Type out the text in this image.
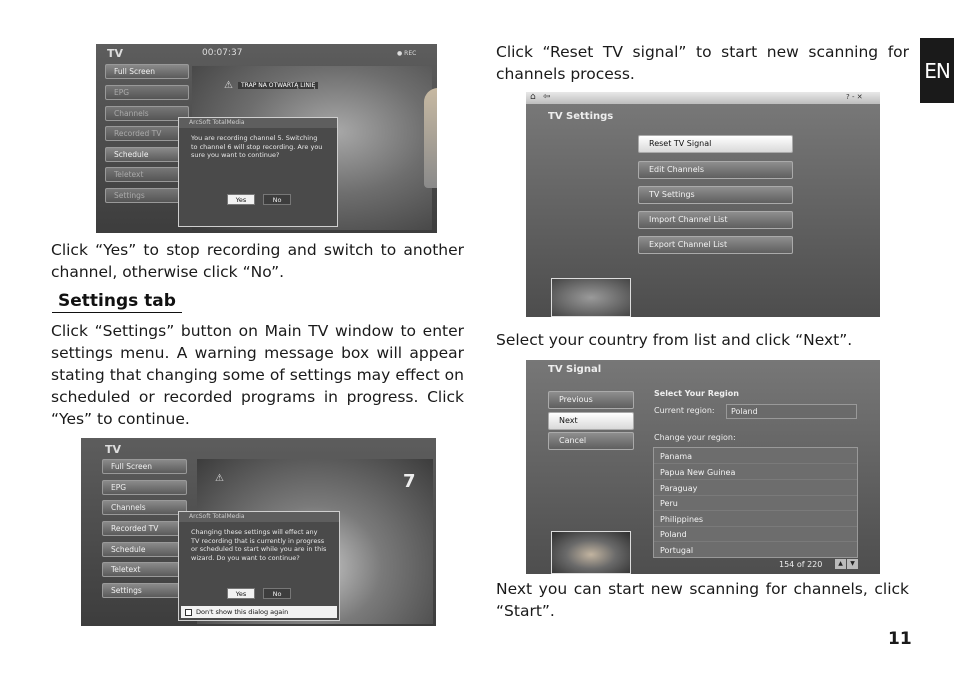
TV	00:07:37	● REC
⚠	TRAP NA OTWARTĄ LINIĘ
Full Screen
EPG
Channels
Recorded TV
Schedule
Teletext
Settings
ArcSoft TotalMedia
You are recording channel 5. Switching to channel 6 will stop recording. Are you sure you want to continue?
Yes	No

Click “Yes” to stop recording and switch to another channel, otherwise click “No”.

Settings tab

Click “Settings” button on Main TV window to enter settings menu. A warning message box will appear stating that changing some of settings may effect on scheduled or recorded programs in progress. Click “Yes” to continue.

TV
⚠	7
Full Screen
EPG
Channels
Recorded TV
Schedule
Teletext
Settings
ArcSoft TotalMedia
Changing these settings will effect any TV recording that is currently in progress or scheduled to start while you are in this wizard. Do you want to continue?
Yes	No
Don't show this dialog again

Click “Reset TV signal” to start new scanning for channels process.	EN
⌂ ⇦	? - ✕
TV Settings
Reset TV Signal
Edit Channels
TV Settings
Import Channel List
Export Channel List

Select your country from list and click “Next”.

TV Signal
Previous
Next
Cancel
Select Your Region
Current region:	Poland
Change your region:
Panama
Papua New Guinea
Paraguay
Peru
Philippines
Poland
Portugal
154 of 220	▲	▼

Next you can start new scanning for channels, click “Start”.

11
